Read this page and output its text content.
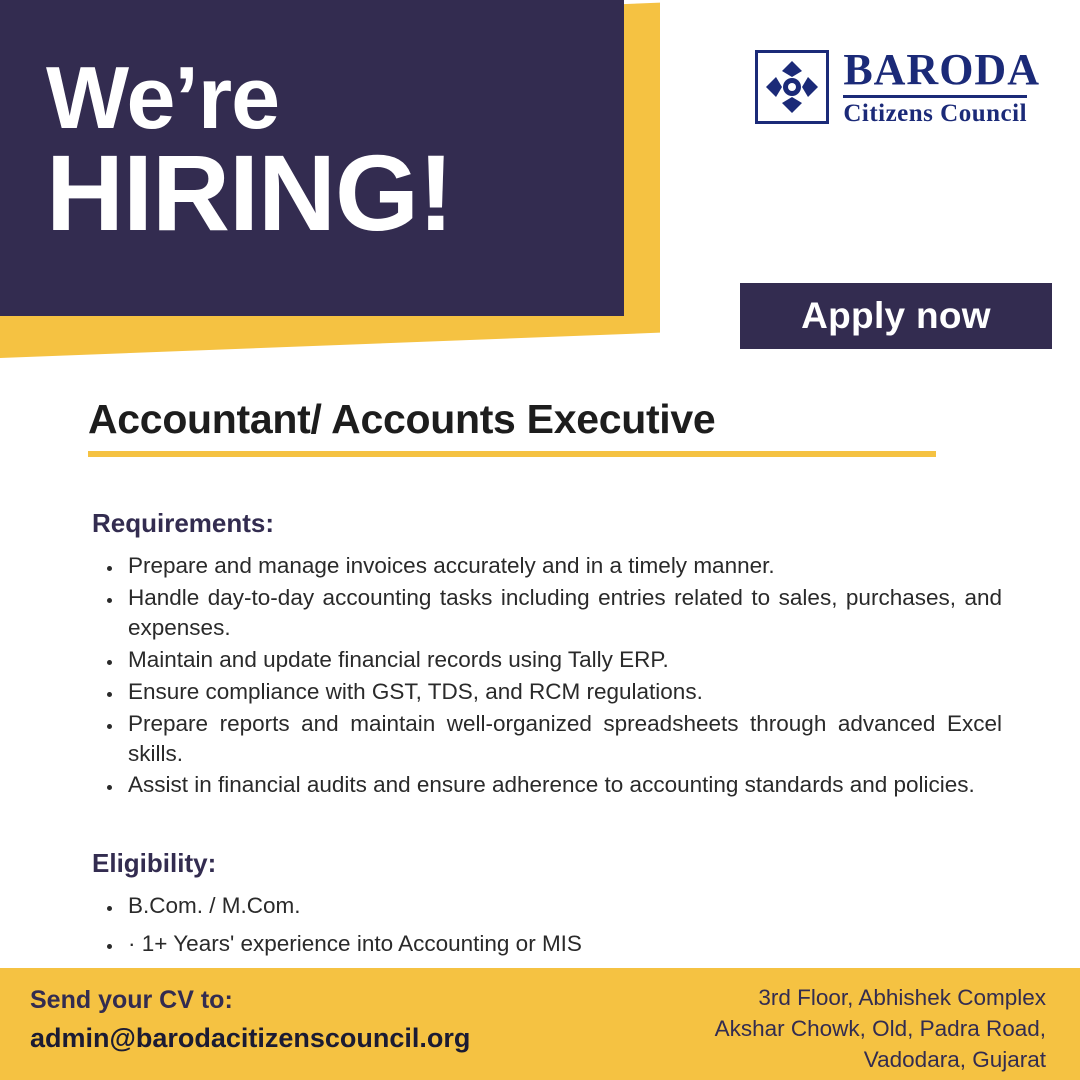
We’re
HIRING!
BARODA
Citizens Council
Apply now
Accountant/ Accounts Executive
Requirements:
• Prepare and manage invoices accurately and in a timely manner.
• Handle day-to-day accounting tasks including entries related to sales, purchases, and expenses.
• Maintain and update financial records using Tally ERP.
• Ensure compliance with GST, TDS, and RCM regulations.
• Prepare reports and maintain well-organized spreadsheets through advanced Excel skills.
• Assist in financial audits and ensure adherence to accounting standards and policies.
Eligibility:
• B.Com. / M.Com.
• · 1+ Years' experience into Accounting or MIS
Send your CV to:
admin@barodacitizenscouncil.org
3rd Floor, Abhishek Complex
Akshar Chowk, Old, Padra Road,
Vadodara, Gujarat
